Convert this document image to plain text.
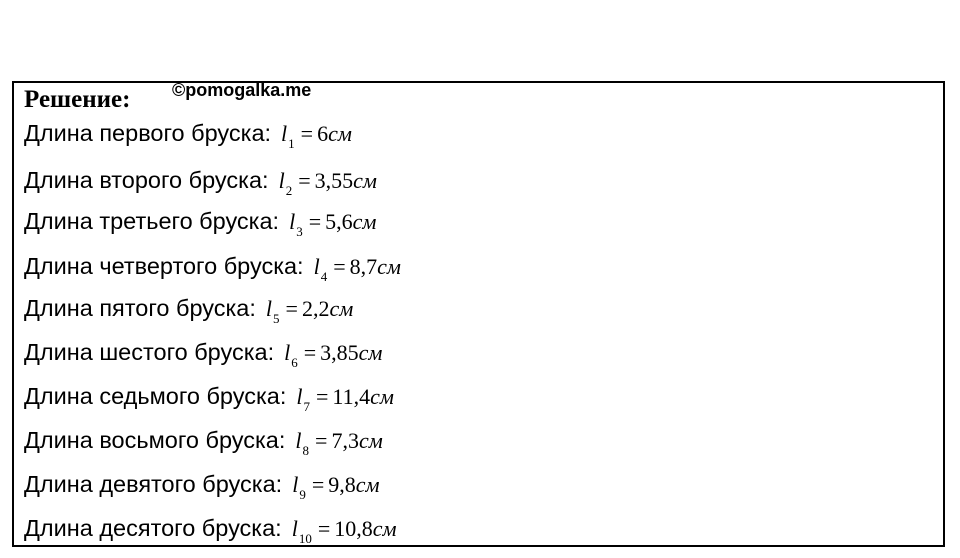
Решение: ©pomogalka.me
Длина первого бруска: $l_1 = 6см$
Длина второго бруска: $l_2 = 3,55см$
Длина третьего бруска: $l_3 = 5,6см$
Длина четвертого бруска: $l_4 = 8,7см$
Длина пятого бруска: $l_5 = 2,2см$
Длина шестого бруска: $l_6 = 3,85см$
Длина седьмого бруска: $l_7 = 11,4см$
Длина восьмого бруска: $l_8 = 7,3см$
Длина девятого бруска: $l_9 = 9,8см$
Длина десятого бруска: $l_{10} = 10,8см$
